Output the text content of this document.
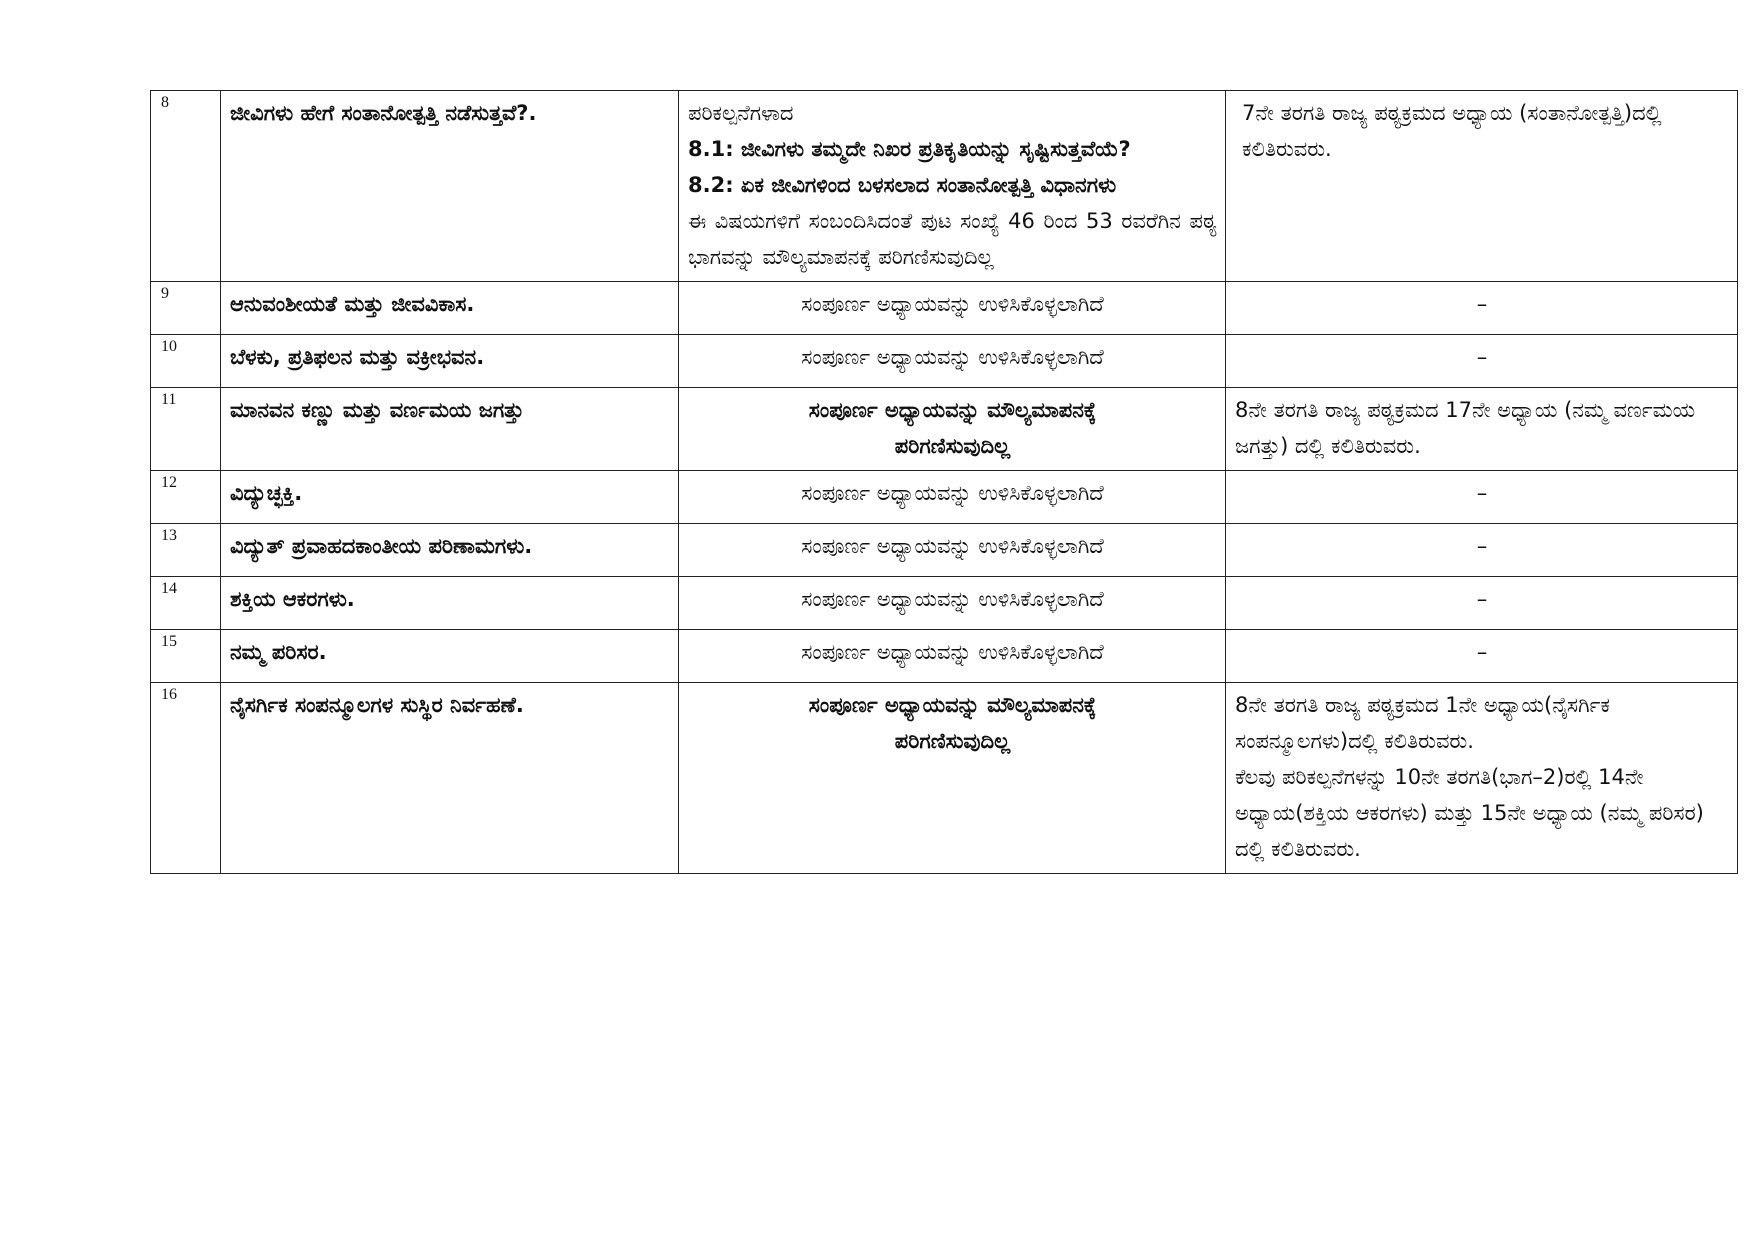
8	ಜೀವಿಗಳು ಹೇಗೆ ಸಂತಾನೋತ್ಪತ್ತಿ ನಡೆಸುತ್ತವೆ?.	ಪರಿಕಲ್ಪನೆಗಳಾದ
8.1: ಜೀವಿಗಳು ತಮ್ಮದೇ ನಿಖರ ಪ್ರತಿಕೃತಿಯನ್ನು ಸೃಷ್ಟಿಸುತ್ತವೆಯೆ?
8.2: ಏಕ ಜೀವಿಗಳಿಂದ ಬಳಸಲಾದ ಸಂತಾನೋತ್ಪತ್ತಿ ವಿಧಾನಗಳು
ಈ ವಿಷಯಗಳಿಗೆ ಸಂಬಂದಿಸಿದಂತೆ ಪುಟ ಸಂಖ್ಯೆ 46 ರಿಂದ 53 ರವರೆಗಿನ ಪಠ್ಯ ಭಾಗವನ್ನು ಮೌಲ್ಯಮಾಪನಕ್ಕೆ ಪರಿಗಣಿಸುವುದಿಲ್ಲ	7ನೇ ತರಗತಿ ರಾಜ್ಯ ಪಠ್ಯಕ್ರಮದ ಅಧ್ಯಾಯ (ಸಂತಾನೋತ್ಪತ್ತಿ)ದಲ್ಲಿ ಕಲಿತಿರುವರು.
9	ಆನುವಂಶೀಯತೆ ಮತ್ತು ಜೀವವಿಕಾಸ.	ಸಂಪೂರ್ಣ ಅಧ್ಯಾಯವನ್ನು ಉಳಿಸಿಕೊಳ್ಳಲಾಗಿದೆ	–
10	ಬೆಳಕು, ಪ್ರತಿಫಲನ ಮತ್ತು ವಕ್ರೀಭವನ.	ಸಂಪೂರ್ಣ ಅಧ್ಯಾಯವನ್ನು ಉಳಿಸಿಕೊಳ್ಳಲಾಗಿದೆ	–
11	ಮಾನವನ ಕಣ್ಣು ಮತ್ತು ವರ್ಣಮಯ ಜಗತ್ತು	ಸಂಪೂರ್ಣ ಅಧ್ಯಾಯವನ್ನು ಮೌಲ್ಯಮಾಪನಕ್ಕೆ
ಪರಿಗಣಿಸುವುದಿಲ್ಲ	8ನೇ ತರಗತಿ ರಾಜ್ಯ ಪಠ್ಯಕ್ರಮದ 17ನೇ ಅಧ್ಯಾಯ (ನಮ್ಮ ವರ್ಣಮಯ ಜಗತ್ತು) ದಲ್ಲಿ ಕಲಿತಿರುವರು.
12	ವಿದ್ಯುಚ್ಛಕ್ತಿ.	ಸಂಪೂರ್ಣ ಅಧ್ಯಾಯವನ್ನು ಉಳಿಸಿಕೊಳ್ಳಲಾಗಿದೆ	–
13	ವಿದ್ಯುತ್ ಪ್ರವಾಹದಕಾಂತೀಯ ಪರಿಣಾಮಗಳು.	ಸಂಪೂರ್ಣ ಅಧ್ಯಾಯವನ್ನು ಉಳಿಸಿಕೊಳ್ಳಲಾಗಿದೆ	–
14	ಶಕ್ತಿಯ ಆಕರಗಳು.	ಸಂಪೂರ್ಣ ಅಧ್ಯಾಯವನ್ನು ಉಳಿಸಿಕೊಳ್ಳಲಾಗಿದೆ	–
15	ನಮ್ಮ ಪರಿಸರ.	ಸಂಪೂರ್ಣ ಅಧ್ಯಾಯವನ್ನು ಉಳಿಸಿಕೊಳ್ಳಲಾಗಿದೆ	–
16	ನೈಸರ್ಗಿಕ ಸಂಪನ್ಮೂಲಗಳ ಸುಸ್ಥಿರ ನಿರ್ವಹಣೆ.	ಸಂಪೂರ್ಣ ಅಧ್ಯಾಯವನ್ನು ಮೌಲ್ಯಮಾಪನಕ್ಕೆ
ಪರಿಗಣಿಸುವುದಿಲ್ಲ	8ನೇ ತರಗತಿ ರಾಜ್ಯ ಪಠ್ಯಕ್ರಮದ 1ನೇ ಅಧ್ಯಾಯ(ನೈಸರ್ಗಿಕ ಸಂಪನ್ಮೂಲಗಳು)ದಲ್ಲಿ ಕಲಿತಿರುವರು.
ಕೆಲವು ಪರಿಕಲ್ಪನೆಗಳನ್ನು 10ನೇ ತರಗತಿ(ಭಾಗ–2)ರಲ್ಲಿ 14ನೇ ಅಧ್ಯಾಯ(ಶಕ್ತಿಯ ಆಕರಗಳು) ಮತ್ತು 15ನೇ ಅಧ್ಯಾಯ (ನಮ್ಮ ಪರಿಸರ) ದಲ್ಲಿ ಕಲಿತಿರುವರು.
